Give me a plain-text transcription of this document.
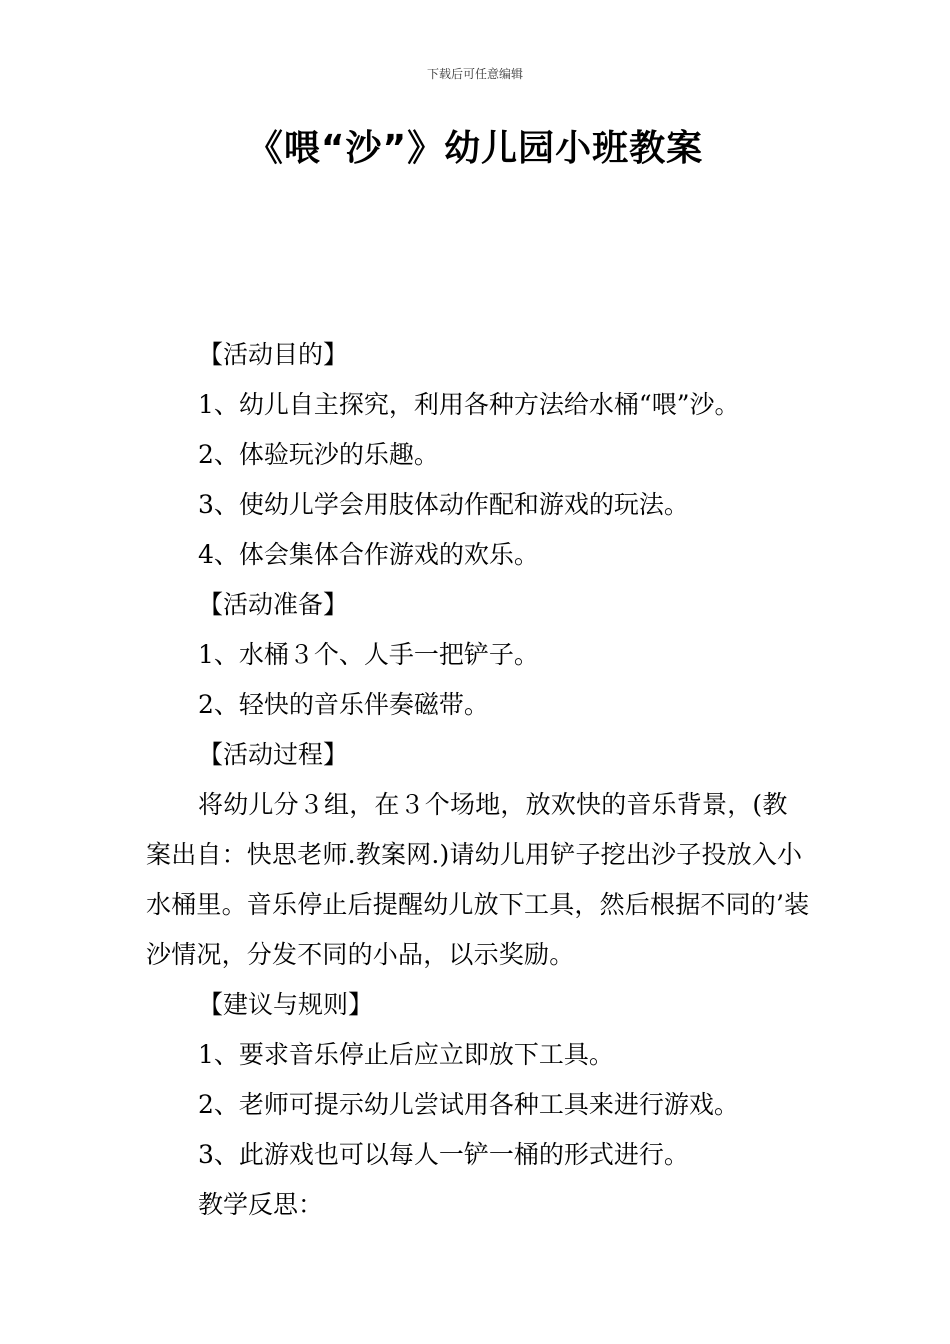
下载后可任意编辑
《喂“沙”》幼儿园小班教案

【活动目的】

1、幼儿自主探究，利用各种方法给水桶“喂”沙。

2、体验玩沙的乐趣。

3、使幼儿学会用肢体动作配和游戏的玩法。

4、体会集体合作游戏的欢乐。

【活动准备】

1、水桶３个、人手一把铲子。

2、轻快的音乐伴奏磁带。

【活动过程】

将幼儿分３组，在３个场地，放欢快的音乐背景，(教案出自：快思老师.教案网.)请幼儿用铲子挖出沙子投放入小水桶里。音乐停止后提醒幼儿放下工具，然后根据不同的’装沙情况，分发不同的小品，以示奖励。

【建议与规则】

1、要求音乐停止后应立即放下工具。

2、老师可提示幼儿尝试用各种工具来进行游戏。

3、此游戏也可以每人一铲一桶的形式进行。

教学反思：
